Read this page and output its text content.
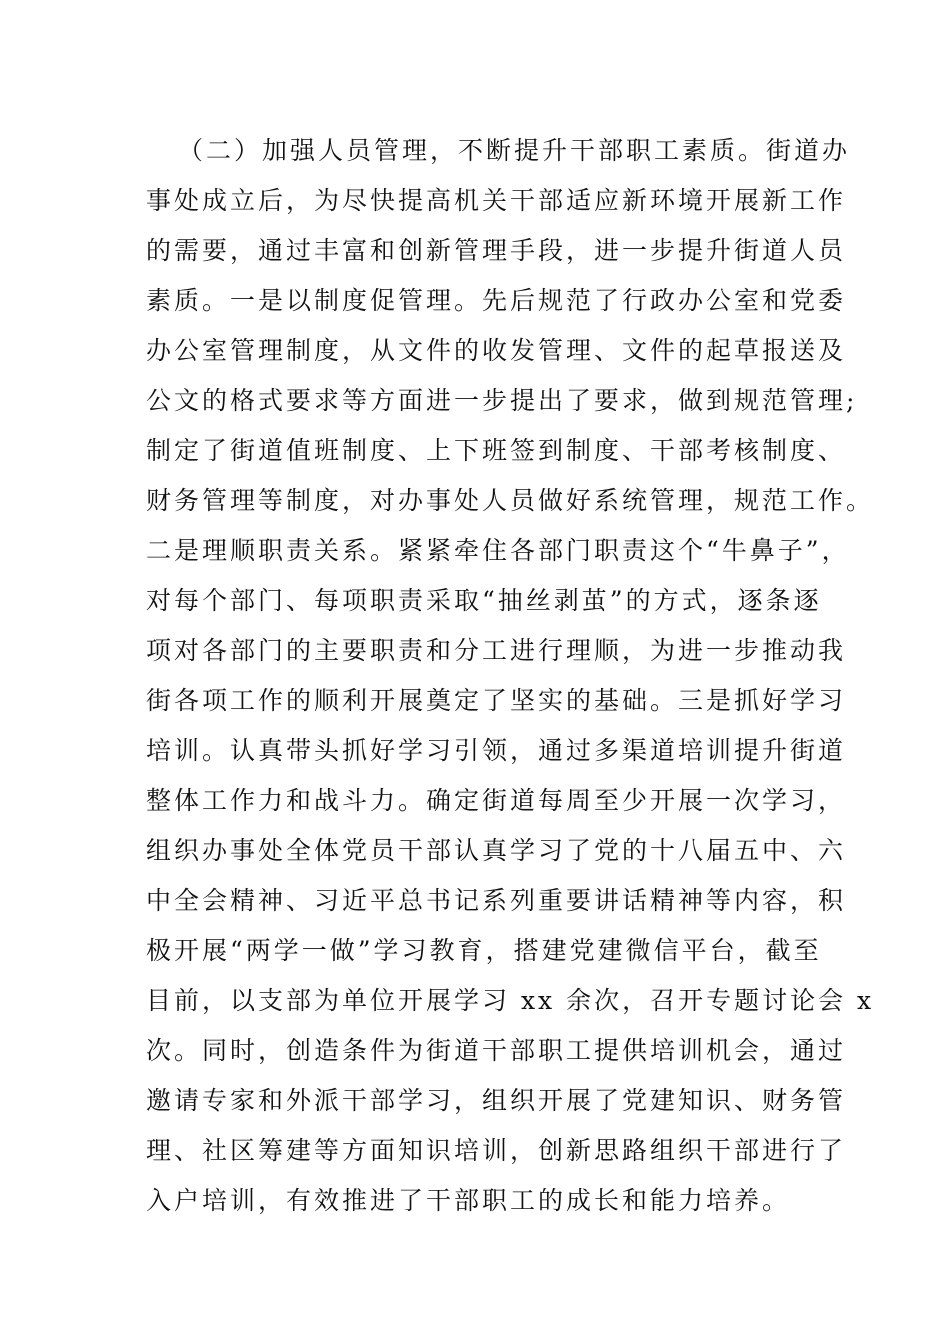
（二）加强人员管理，不断提升干部职工素质。街道办
事处成立后，为尽快提高机关干部适应新环境开展新工作
的需要，通过丰富和创新管理手段，进一步提升街道人员
素质。一是以制度促管理。先后规范了行政办公室和党委
办公室管理制度，从文件的收发管理、文件的起草报送及
公文的格式要求等方面进一步提出了要求，做到规范管理;
制定了街道值班制度、上下班签到制度、干部考核制度、
财务管理等制度，对办事处人员做好系统管理，规范工作。
二是理顺职责关系。紧紧牵住各部门职责这个“牛鼻子”，
对每个部门、每项职责采取“抽丝剥茧”的方式，逐条逐
项对各部门的主要职责和分工进行理顺，为进一步推动我
街各项工作的顺利开展奠定了坚实的基础。三是抓好学习
培训。认真带头抓好学习引领，通过多渠道培训提升街道
整体工作力和战斗力。确定街道每周至少开展一次学习，
组织办事处全体党员干部认真学习了党的十八届五中、六
中全会精神、习近平总书记系列重要讲话精神等内容，积
极开展“两学一做”学习教育，搭建党建微信平台，截至
目前，以支部为单位开展学习 xx 余次，召开专题讨论会 x
次。同时，创造条件为街道干部职工提供培训机会，通过
邀请专家和外派干部学习，组织开展了党建知识、财务管
理、社区筹建等方面知识培训，创新思路组织干部进行了
入户培训，有效推进了干部职工的成长和能力培养。
